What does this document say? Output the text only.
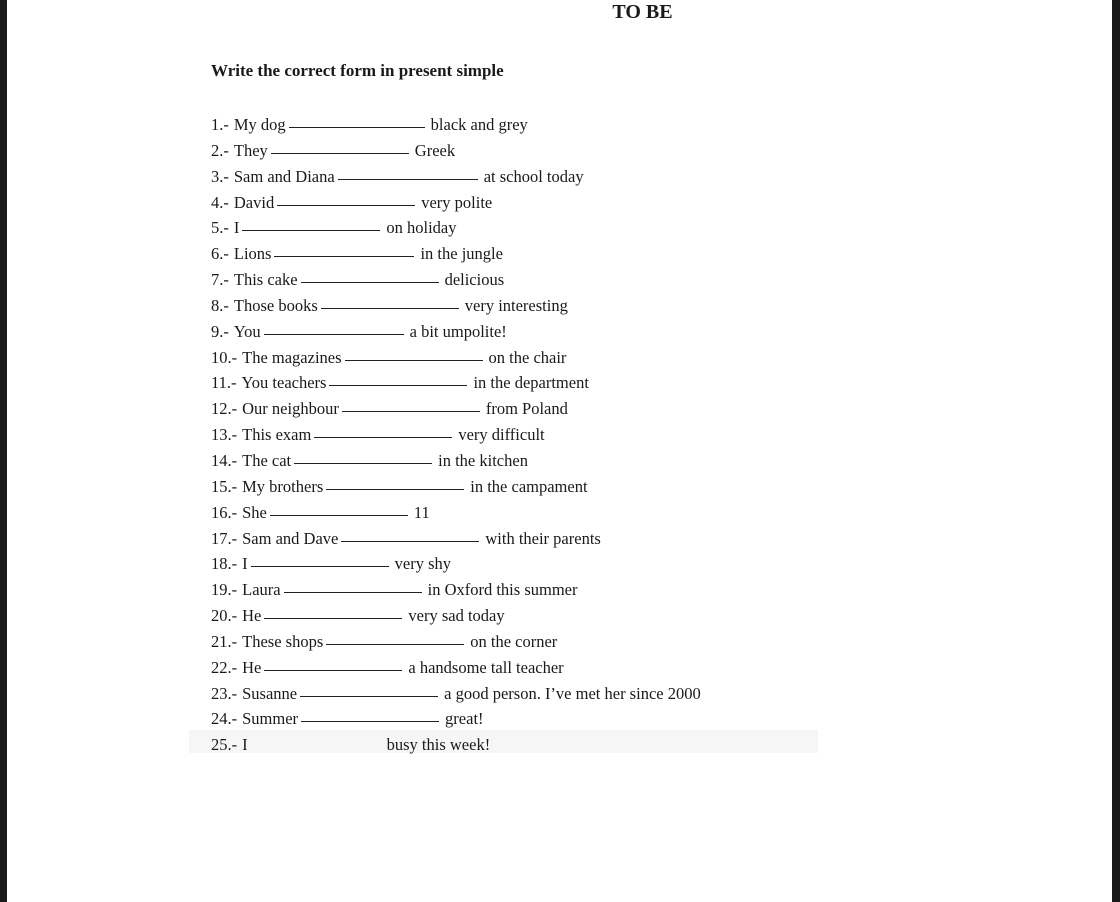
TO BE
Write the correct form in present simple
1.- My dog	black and grey
2.- They	Greek
3.- Sam and Diana	at school today
4.- David	very polite
5.- I	on holiday
6.- Lions	in the jungle
7.- This cake	delicious
8.- Those books	very interesting
9.- You	a bit umpolite!
10.- The magazines	on the chair
11.- You teachers	in the department
12.- Our neighbour	from Poland
13.- This exam	very difficult
14.- The cat	in the kitchen
15.- My brothers	in the campament
16.- She	11
17.- Sam and Dave	with their parents
18.- I	very shy
19.- Laura	in Oxford this summer
20.- He	very sad today
21.- These shops	on the corner
22.- He	a handsome tall teacher
23.- Susanne	a good person. I’ve met her since 2000
24.- Summer	great!
25.- I	busy this week!
